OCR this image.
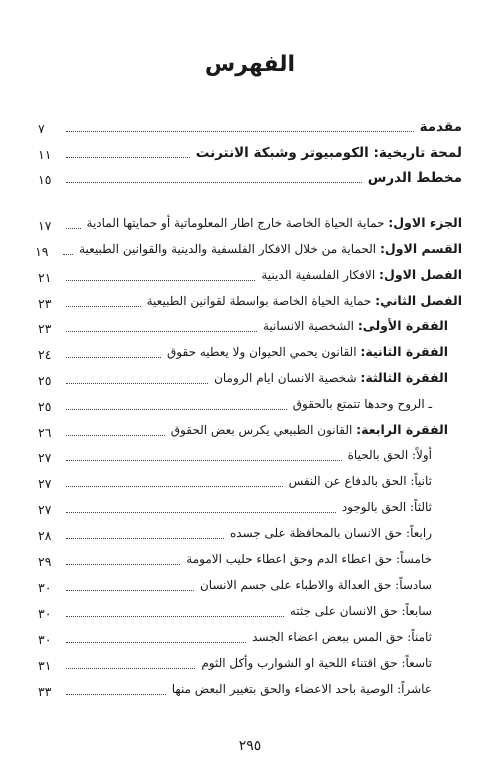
الفهرس
مقدمة
٧
لمحة تاريخية: الكومبيوتر وشبكة الانترنت
١١
مخطط الدرس
١٥
الجزء الاول: حماية الحياة الخاصة خارج اطار المعلوماتية أو حمايتها المادية
١٧
القسم الاول: الحماية من خلال الافكار الفلسفية والدينية والقوانين الطبيعية
١٩
الفصل الاول: الافكار الفلسفية الدينية
٢١
الفصل الثاني: حماية الحياة الخاصة بواسطة لقوانين الطبيعية
٢٣
الفقرة الأولى: الشخصية الانسانية
٢٣
الفقرة الثانية: القانون يحمي الحيوان ولا يعطيه حقوق
٢٤
الفقرة الثالثة: شخصية الانسان ايام الرومان
٢٥
ـ الروح وحدها تتمتع بالحقوق
٢٥
الفقرة الرابعة: القانون الطبيعي يكرس بعض الحقوق
٢٦
أولاً: الحق بالحياة
٢٧
ثانياً: الحق بالدفاع عن النفس
٢٧
ثالثاً: الحق بالوجود
٢٧
رابعاً: حق الانسان بالمحافظة على جسده
٢٨
خامساً: حق اعطاء الدم وحق اعطاء حليب الامومة
٢٩
سادساً: حق العدالة والاطباء على جسم الانسان
٣٠
سابعاً: حق الانسان على جثته
٣٠
ثامناً: حق المس ببعض اعضاء الجسد
٣٠
تاسعاً: حق اقتناء اللحية او الشوارب وأكل الثوم
٣١
عاشراً: الوصية باحد الاعضاء والحق بتغيير البعض منها
٣٣
٢٩٥
